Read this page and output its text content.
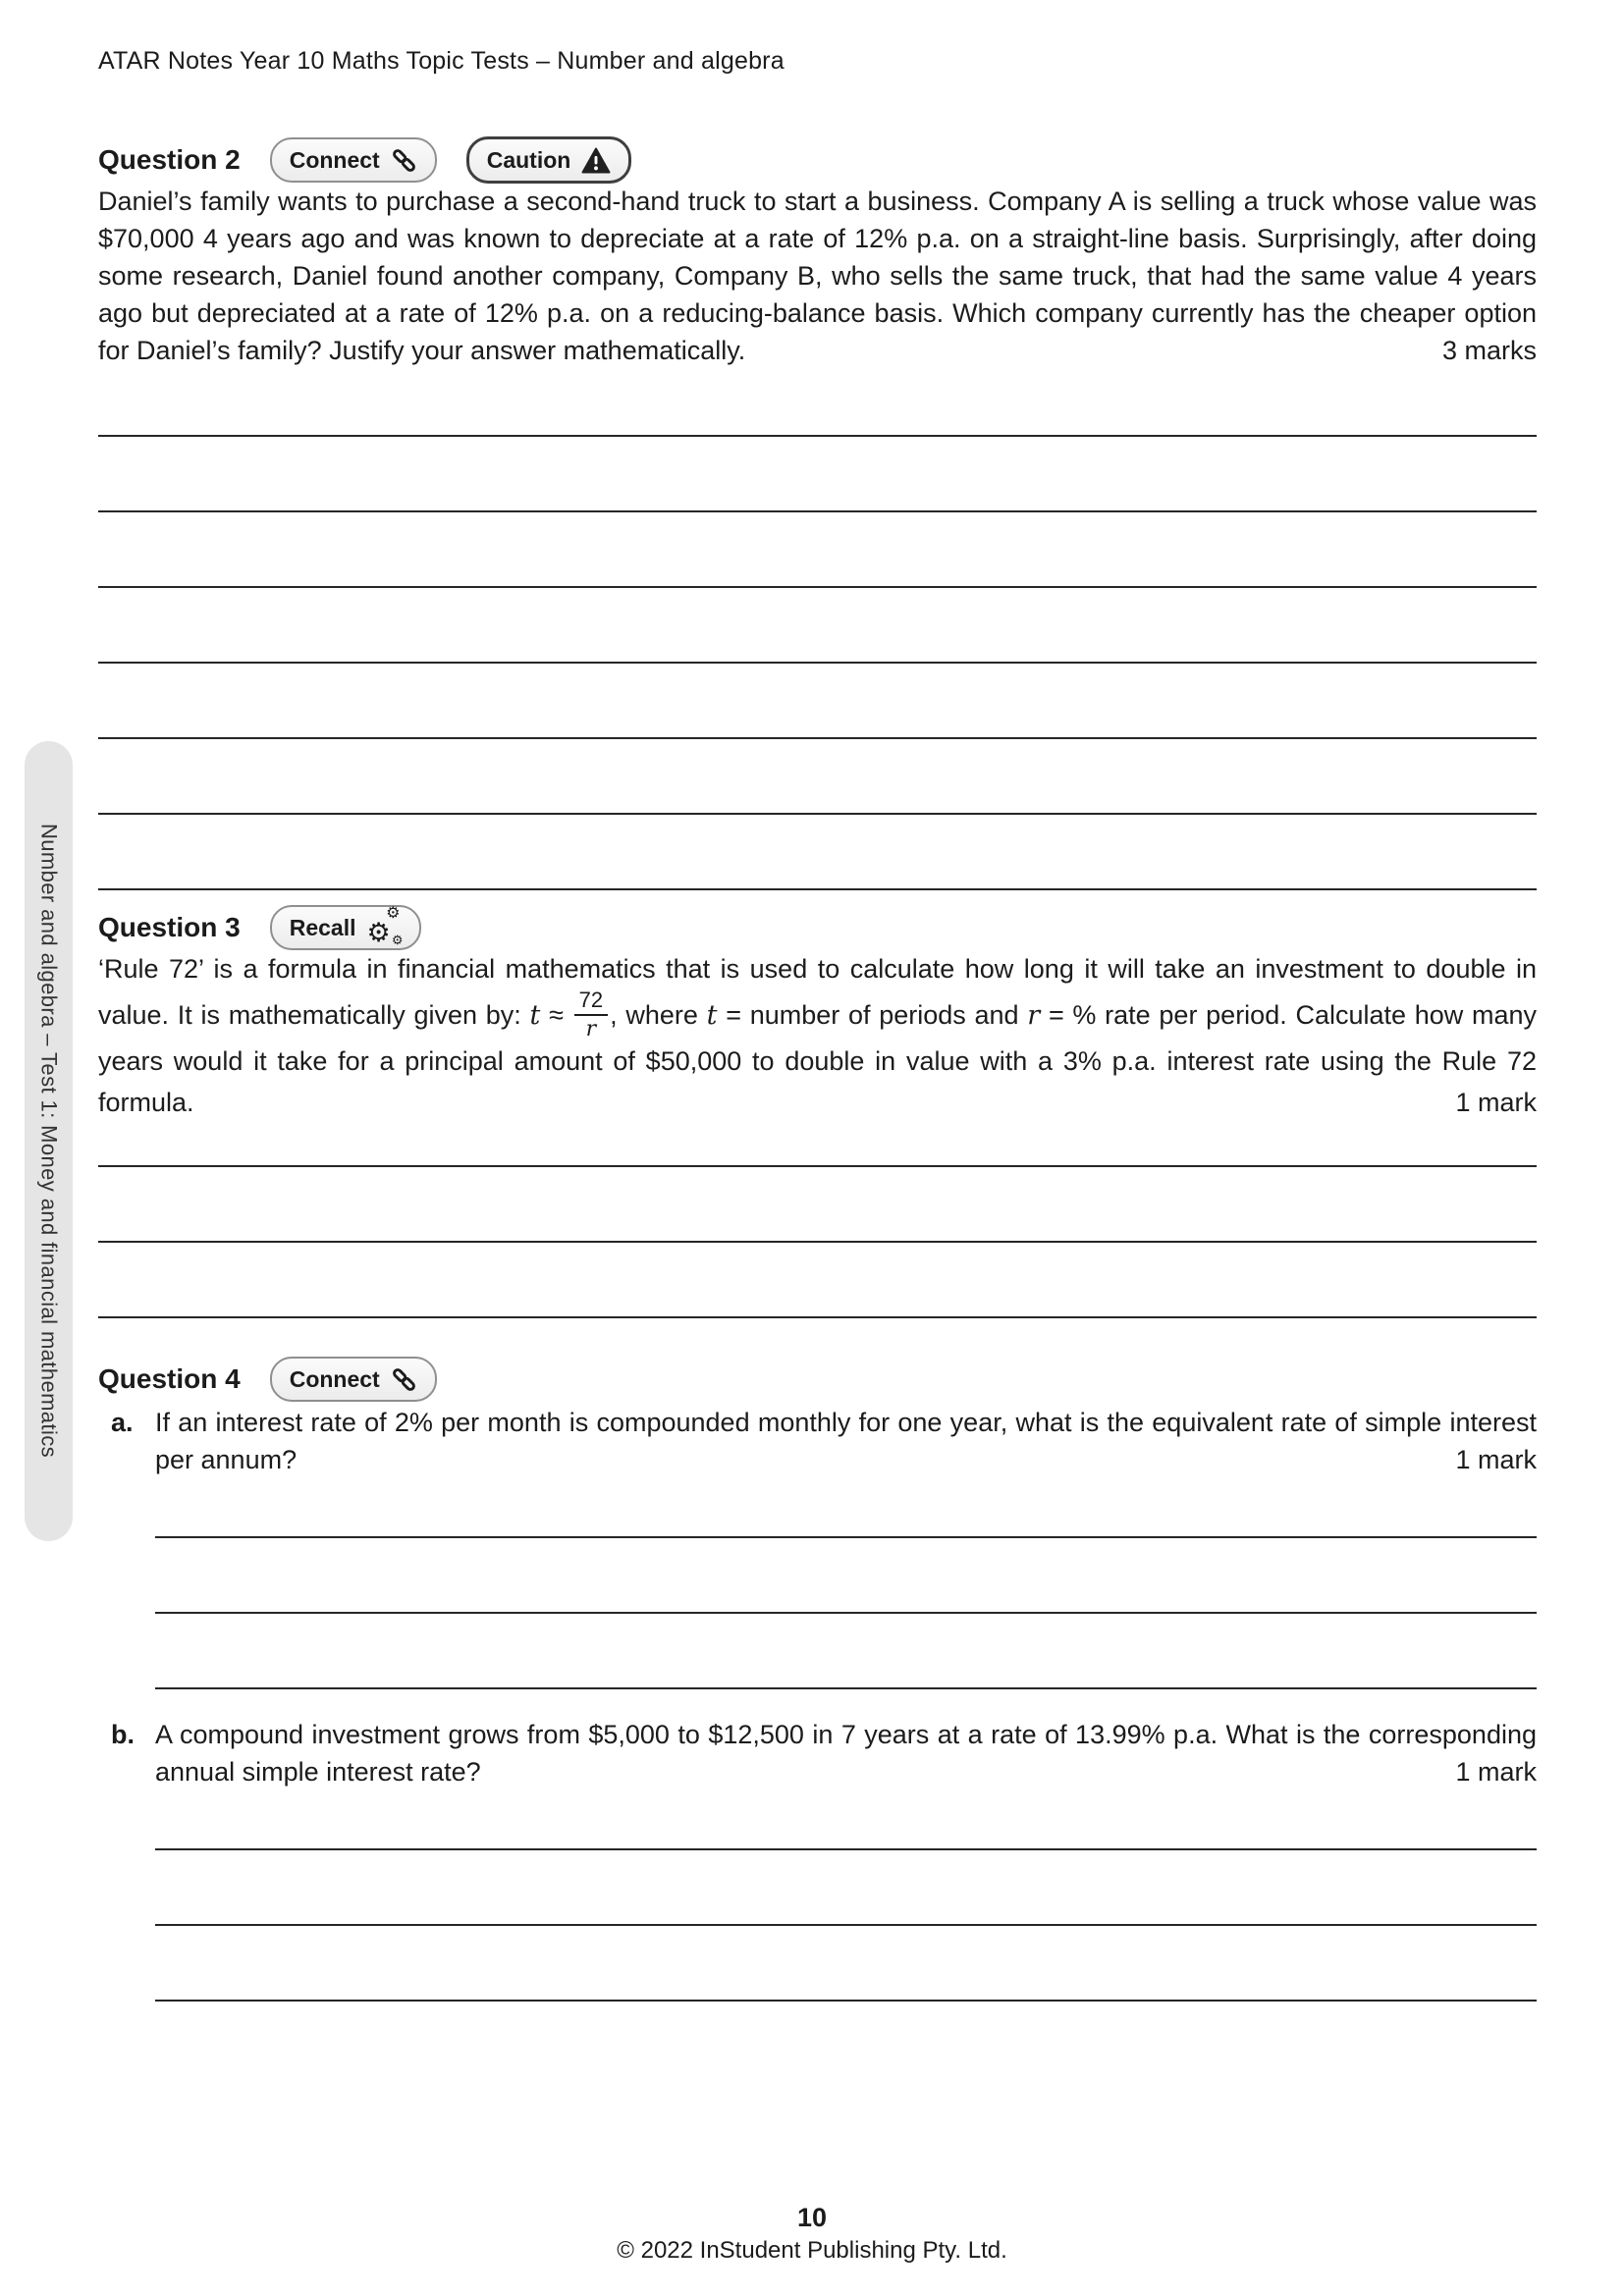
ATAR Notes Year 10 Maths Topic Tests – Number and algebra
Question 2 Connect	Caution
Daniel’s family wants to purchase a second-hand truck to start a business. Company A is selling a truck whose value was $70,000 4 years ago and was known to depreciate at a rate of 12% p.a. on a straight-line basis. Surprisingly, after doing some research, Daniel found another company, Company B, who sells the same truck, that had the same value 4 years ago but depreciated at a rate of 12% p.a. on a reducing-balance basis. Which company currently has the cheaper option for Daniel’s family? Justify your answer mathematically.	3 marks
Question 3 Recall ⚙
⚙
⚙
‘Rule 72’ is a formula in financial mathematics that is used to calculate how long it will take an investment to double in value. It is mathematically given by: $t \approx \frac{72}{r}$ , where t = number of periods and r = % rate per period. Calculate how many years would it take for a principal amount of $50,000 to double in value with a 3% p.a. interest rate using the Rule 72 formula.	1 mark
Question 4 Connect
a. If an interest rate of 2% per month is compounded monthly for one year, what is the equivalent rate of simple interest per annum?	1 mark
b. A compound investment grows from $5,000 to $12,500 in 7 years at a rate of 13.99% p.a. What is the corresponding annual simple interest rate?	1 mark
Number and algebra – Test 1: Money and financial mathematics
10
© 2022 InStudent Publishing Pty. Ltd.
